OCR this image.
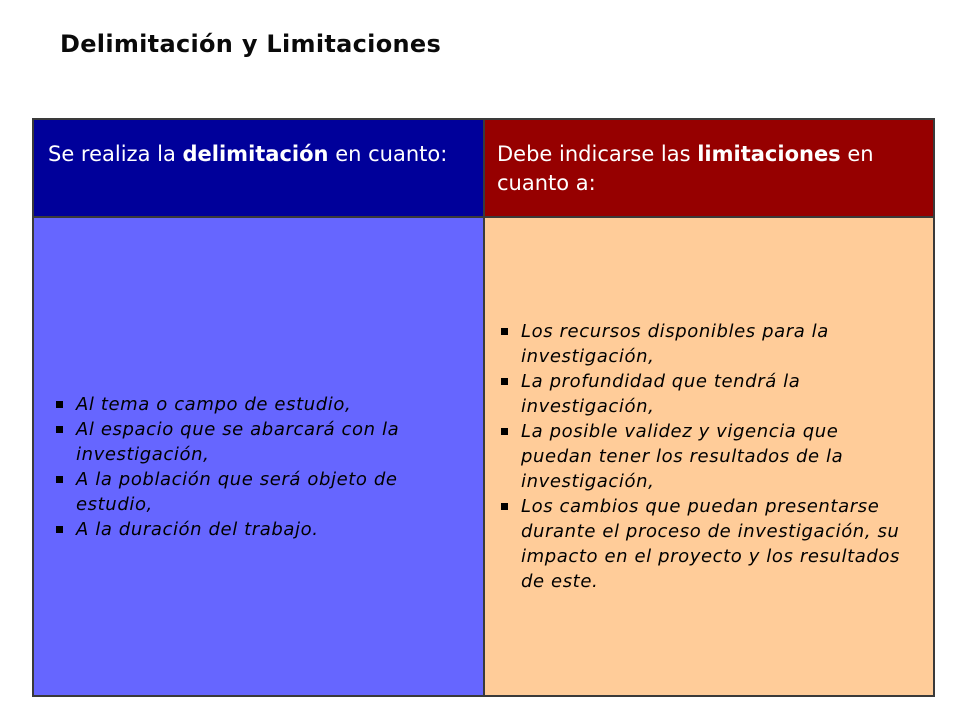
Delimitación y Limitaciones
Se realiza la delimitación en cuanto:	Debe indicarse las limitaciones en cuanto a:
Al tema o campo de estudio,
Al espacio que se abarcará con la investigación,
A la población que será objeto de estudio,
A la duración del trabajo.
Los recursos disponibles para la investigación,
La profundidad que tendrá la investigación,
La posible validez y vigencia que puedan tener los resultados de la investigación,
Los cambios que puedan presentarse durante el proceso de investigación, su impacto en el proyecto y los resultados de este.
